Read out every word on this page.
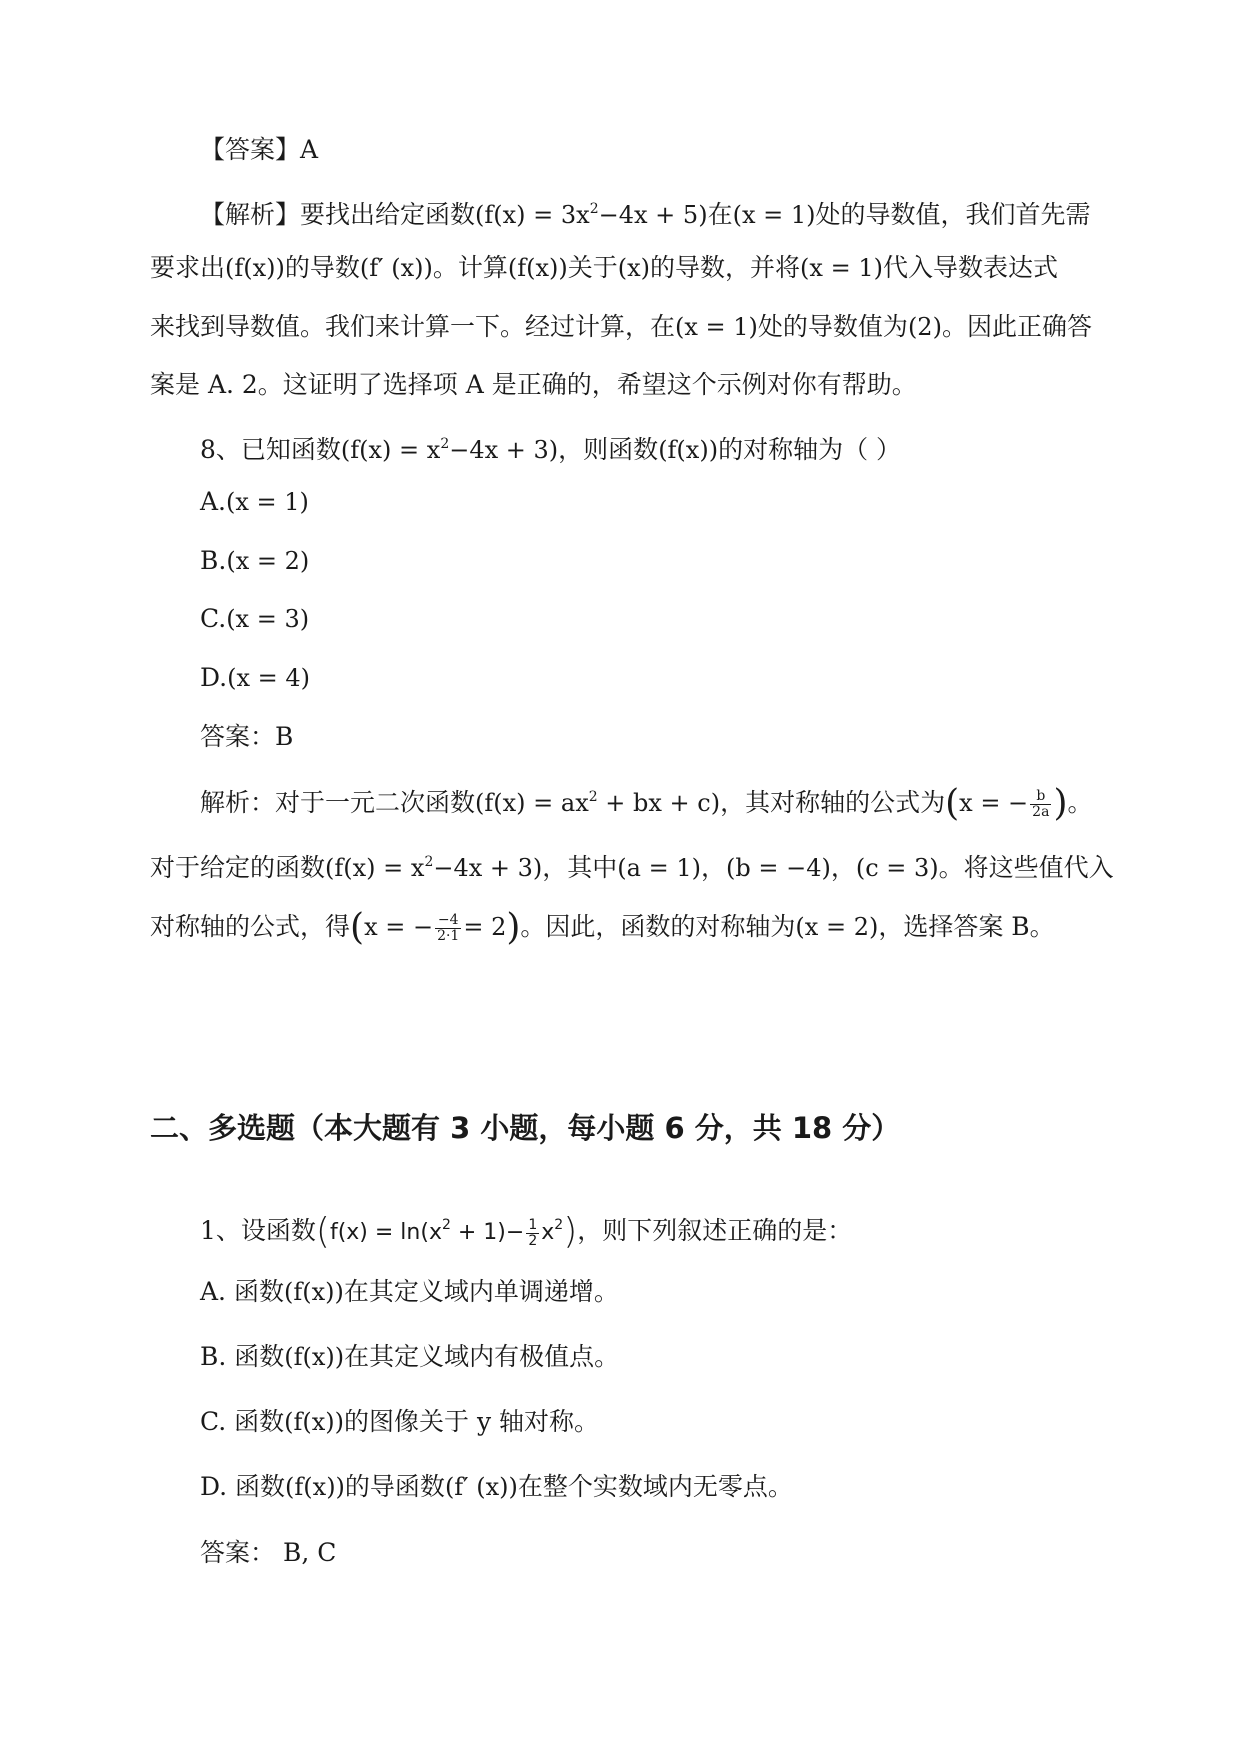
【答案】A
【解析】要找出给定函数$(f(x) = 3x^2-4x + 5)$在(x = 1)处的导数值，我们首先需
要求出(f(x))的导数(f′ (x))。计算(f(x))关于(x)的导数，并将(x = 1)代入导数表达式
来找到导数值。我们来计算一下。经过计算，在(x = 1)处的导数值为(2)。因此正确答
案是 A. 2。这证明了选择项 A 是正确的，希望这个示例对你有帮助。
8、已知函数$(f(x) = x^2-4x + 3)$，则函数(f(x))的对称轴为（ ）
A.(x = 1)
B.(x = 2)
C.(x = 3)
D.(x = 4)
答案：B
解析：对于一元二次函数($f(x) = ax^2$ + bx + c)，其对称轴的公式为(x = − $\frac{b}{2a}$ )。
对于给定的函数$(f(x) = x^2-4x + 3)$，其中(a = 1)，(b = −4)，(c = 3)。将这些值代入
对称轴的公式，得(x = − $\frac{-4}{2\cdot 1} = 2$)。因此，函数的对称轴为(x = 2)，选择答案 B。
二、多选题（本大题有 3 小题，每小题 6 分，共 18 分）
1、设函数$(f(x) = \ln(x^2 + 1)- \frac{1}{2} x^2)$，则下列叙述正确的是：
A. 函数(f(x))在其定义域内单调递增。
B. 函数(f(x))在其定义域内有极值点。
C. 函数(f(x))的图像关于 y 轴对称。
D. 函数(f(x))的导函数(f′ (x))在整个实数域内无零点。
答案： B, C
